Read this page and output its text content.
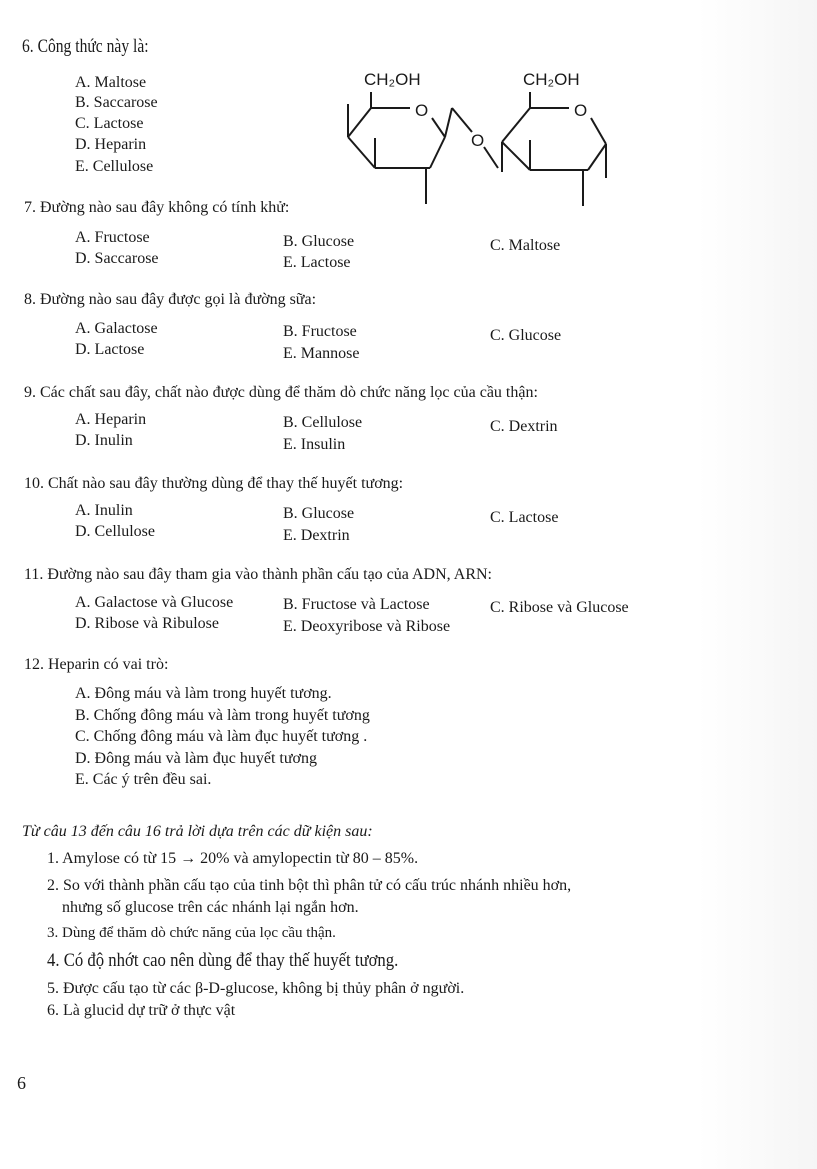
6. Công thức này là:
A. Maltose
B. Saccarose
C. Lactose
D. Heparin
E. Cellulose
CH₂OH	CH₂OH
O
O
O
7. Đường nào sau đây không có tính khử:
A. Fructose	B. Glucose	C. Maltose
D. Saccarose	E. Lactose
8. Đường nào sau đây được gọi là đường sữa:
A. Galactose	B. Fructose	C. Glucose
D. Lactose	E. Mannose
9. Các chất sau đây, chất nào được dùng để thăm dò chức năng lọc của cầu thận:
A. Heparin	B. Cellulose	C. Dextrin
D. Inulin	E. Insulin
10. Chất nào sau đây thường dùng để thay thế huyết tương:
A. Inulin	B. Glucose	C. Lactose
D. Cellulose	E. Dextrin
11. Đường nào sau đây tham gia vào thành phần cấu tạo của ADN, ARN:
A. Galactose và Glucose	B. Fructose và Lactose	C. Ribose và Glucose
D. Ribose và Ribulose	E. Deoxyribose và Ribose
12. Heparin có vai trò:
A. Đông máu và làm trong huyết tương.
B. Chống đông máu và làm trong huyết tương
C. Chống đông máu và làm đục huyết tương .
D. Đông máu và làm đục huyết tương
E. Các ý trên đều sai.
Từ câu 13 đến câu 16 trả lời dựa trên các dữ kiện sau:
1. Amylose có từ 15 → 20% và amylopectin từ 80 – 85%.
2. So với thành phần cấu tạo của tinh bột thì phân tử có cấu trúc nhánh nhiều hơn,
nhưng số glucose trên các nhánh lại ngắn hơn.
3. Dùng để thăm dò chức năng của lọc cầu thận.
4. Có độ nhớt cao nên dùng để thay thế huyết tương.
5. Được cấu tạo từ các β-D-glucose, không bị thủy phân ở người.
6. Là glucid dự trữ ở thực vật
6
